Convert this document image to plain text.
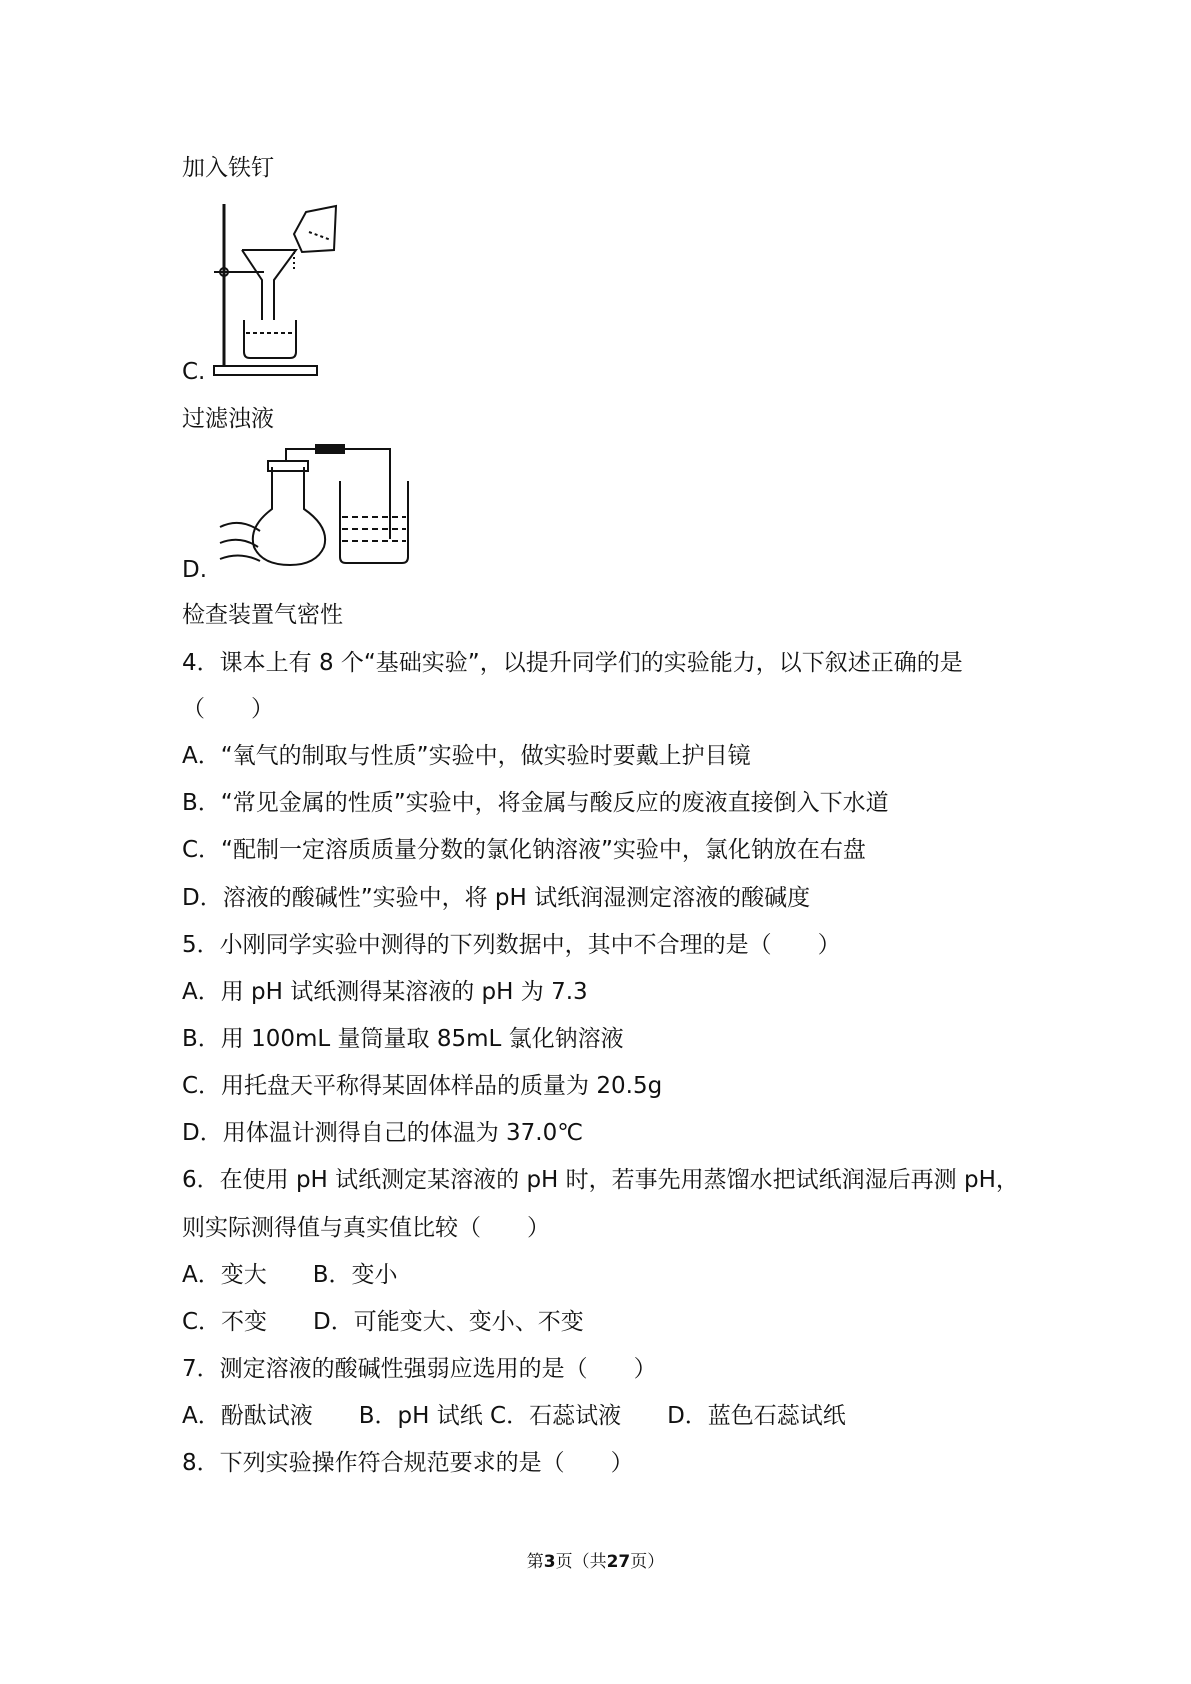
加入铁钉
C.
过滤浊液
D.
检查装置气密性
4．课本上有 8 个“基础实验”，以提升同学们的实验能力，以下叙述正确的是
（　　）
A．“氧气的制取与性质”实验中，做实验时要戴上护目镜
B．“常见金属的性质”实验中，将金属与酸反应的废液直接倒入下水道
C．“配制一定溶质质量分数的氯化钠溶液”实验中，氯化钠放在右盘
D．溶液的酸碱性”实验中，将 pH 试纸润湿测定溶液的酸碱度
5．小刚同学实验中测得的下列数据中，其中不合理的是（　　）
A．用 pH 试纸测得某溶液的 pH 为 7.3
B．用 100mL 量筒量取 85mL 氯化钠溶液
C．用托盘天平称得某固体样品的质量为 20.5g
D．用体温计测得自己的体温为 37.0℃
6．在使用 pH 试纸测定某溶液的 pH 时，若事先用蒸馏水把试纸润湿后再测 pH，
则实际测得值与真实值比较（　　）
A．变大　　B．变小
C．不变　　D．可能变大、变小、不变
7．测定溶液的酸碱性强弱应选用的是（　　）
A．酚酞试液　　B．pH 试纸 C．石蕊试液　　D．蓝色石蕊试纸
8．下列实验操作符合规范要求的是（　　）
第3页（共27页）
